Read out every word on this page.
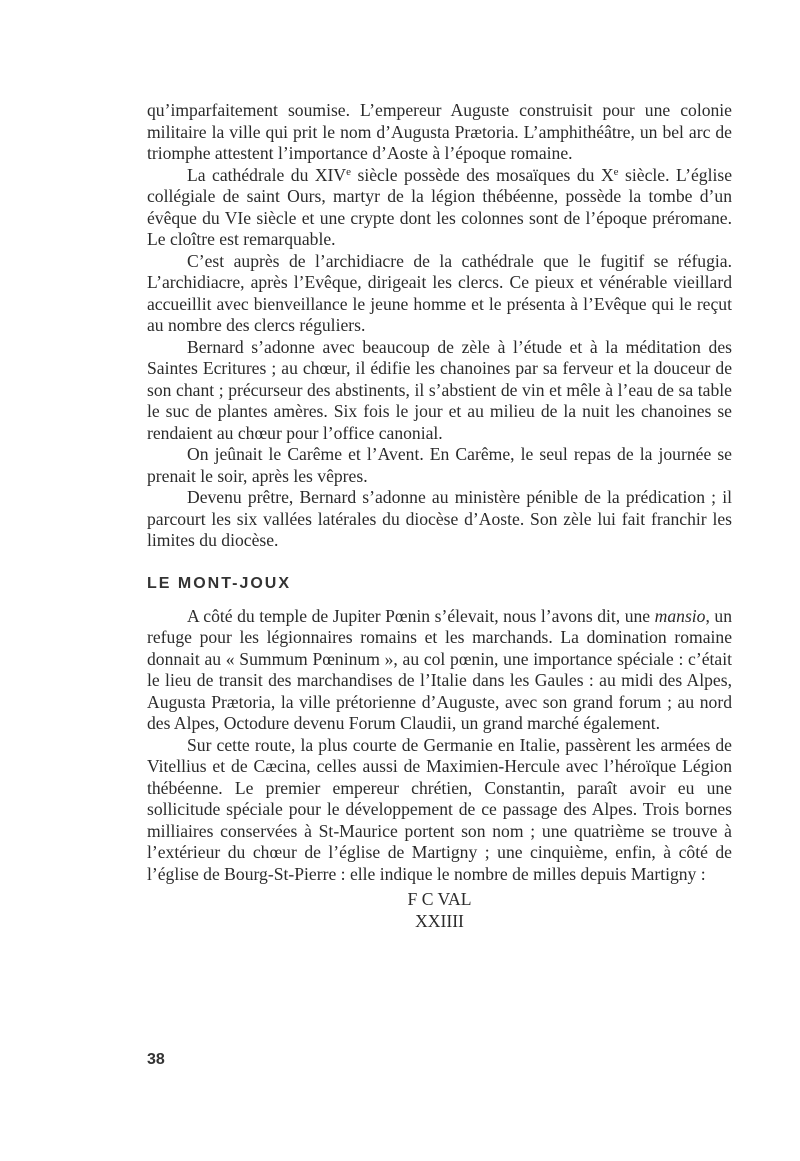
qu’imparfaitement soumise. L’empereur Auguste construisit pour une colonie militaire la ville qui prit le nom d’Augusta Prætoria. L’amphithéâtre, un bel arc de triomphe attestent l’importance d’Aoste à l’époque romaine.

La cathédrale du XIVe siècle possède des mosaïques du Xe siècle. L’église collégiale de saint Ours, martyr de la légion thébéenne, possède la tombe d’un évêque du VIe siècle et une crypte dont les colonnes sont de l’époque préromane. Le cloître est remarquable.

C’est auprès de l’archidiacre de la cathédrale que le fugitif se réfugia. L’archidiacre, après l’Evêque, dirigeait les clercs. Ce pieux et vénérable vieillard accueillit avec bienveillance le jeune homme et le présenta à l’Evêque qui le reçut au nombre des clercs réguliers.

Bernard s’adonne avec beaucoup de zèle à l’étude et à la méditation des Saintes Ecritures ; au chœur, il édifie les chanoines par sa ferveur et la douceur de son chant ; précurseur des abstinents, il s’abstient de vin et mêle à l’eau de sa table le suc de plantes amères. Six fois le jour et au milieu de la nuit les chanoines se rendaient au chœur pour l’office canonial.

On jeûnait le Carême et l’Avent. En Carême, le seul repas de la journée se prenait le soir, après les vêpres.

Devenu prêtre, Bernard s’adonne au ministère pénible de la prédication ; il parcourt les six vallées latérales du diocèse d’Aoste. Son zèle lui fait franchir les limites du diocèse.

LE MONT-JOUX

A côté du temple de Jupiter Pœnin s’élevait, nous l’avons dit, une mansio, un refuge pour les légionnaires romains et les marchands. La domination romaine donnait au « Summum Pœninum », au col pœnin, une importance spéciale : c’était le lieu de transit des marchandises de l’Italie dans les Gaules : au midi des Alpes, Augusta Prætoria, la ville prétorienne d’Auguste, avec son grand forum ; au nord des Alpes, Octodure devenu Forum Claudii, un grand marché également.

Sur cette route, la plus courte de Germanie en Italie, passèrent les armées de Vitellius et de Cæcina, celles aussi de Maximien-Hercule avec l’héroïque Légion thébéenne. Le premier empereur chrétien, Constantin, paraît avoir eu une sollicitude spéciale pour le développement de ce passage des Alpes. Trois bornes milliaires conservées à St-Maurice portent son nom ; une quatrième se trouve à l’extérieur du chœur de l’église de Martigny ; une cinquième, enfin, à côté de l’église de Bourg-St-Pierre : elle indique le nombre de milles depuis Martigny :

F C VAL
XXIIII
38
